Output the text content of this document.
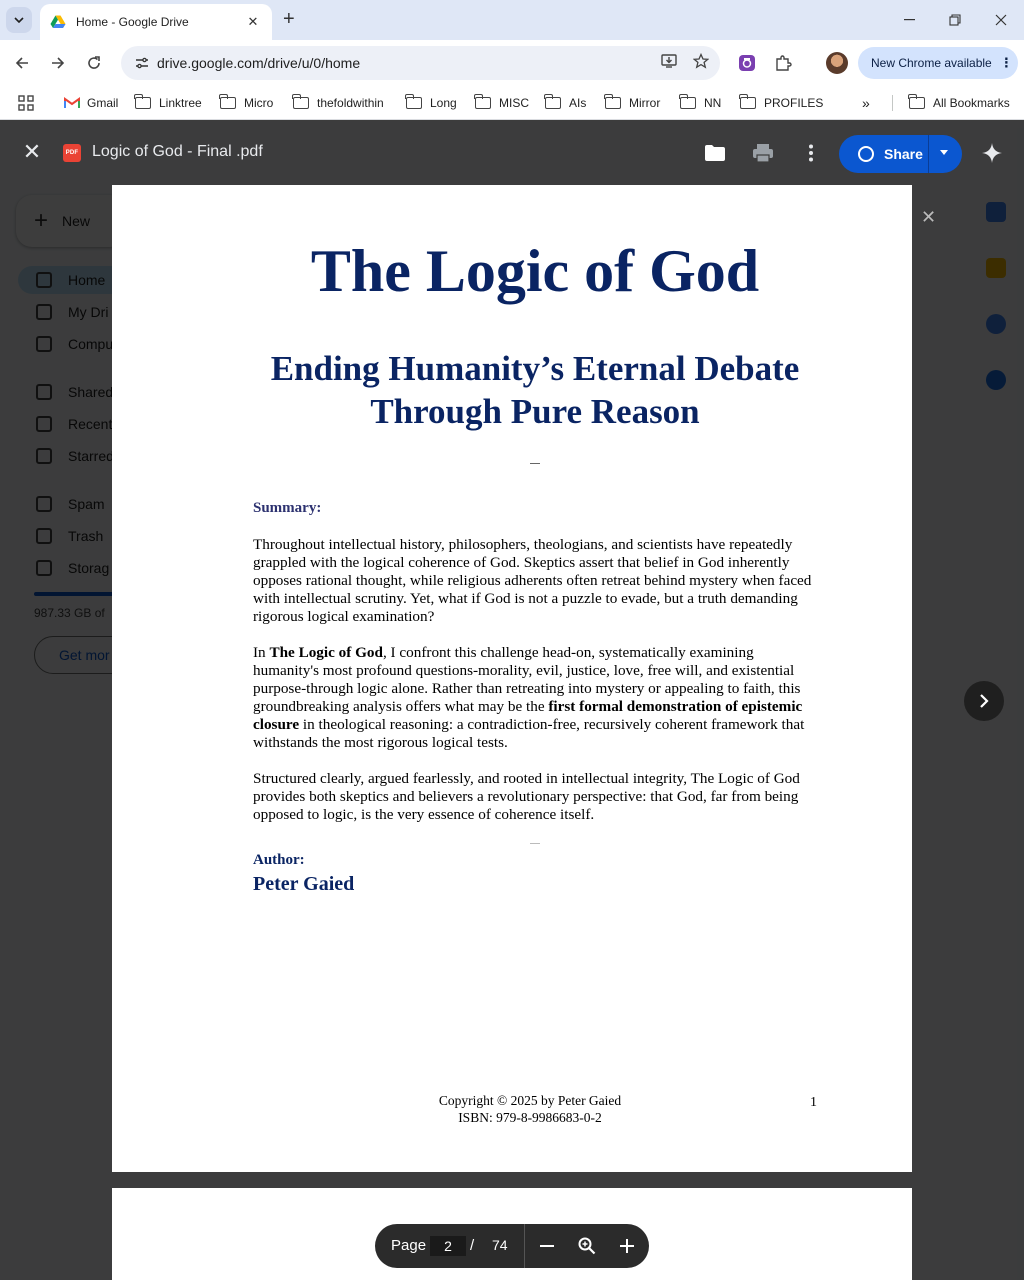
Home - Google Drive	✕ +
drive.google.com/drive/u/0/home	New Chrome available ⋮
Gmail	Linktree	Micro	thefoldwithin	Long	MISC	AIs	Mirror	NN	PROFILES	»	All Bookmarks
✕	PDF Logic of God - Final .pdf	Share
The Logic of God
Ending Humanity’s Eternal Debate
Through Pure Reason
Summary:
Throughout intellectual history, philosophers, theologians, and scientists have repeatedly grappled with the logical coherence of God. Skeptics assert that belief in God inherently opposes rational thought, while religious adherents often retreat behind mystery when faced with intellectual scrutiny. Yet, what if God is not a puzzle to evade, but a truth demanding rigorous logical examination?
In The Logic of God, I confront this challenge head-on, systematically examining humanity's most profound questions-morality, evil, justice, love, free will, and existential purpose-through logic alone. Rather than retreating into mystery or appealing to faith, this groundbreaking analysis offers what may be the first formal demonstration of epistemic closure in theological reasoning: a contradiction-free, recursively coherent framework that withstands the most rigorous logical tests.
Structured clearly, argued fearlessly, and rooted in intellectual integrity, The Logic of God provides both skeptics and believers a revolutionary perspective: that God, far from being opposed to logic, is the very essence of coherence itself.
Author:
Peter Gaied
Copyright © 2025 by Peter Gaied
ISBN: 979-8-9986683-0-2
1
✕
Page
2	/ 74
